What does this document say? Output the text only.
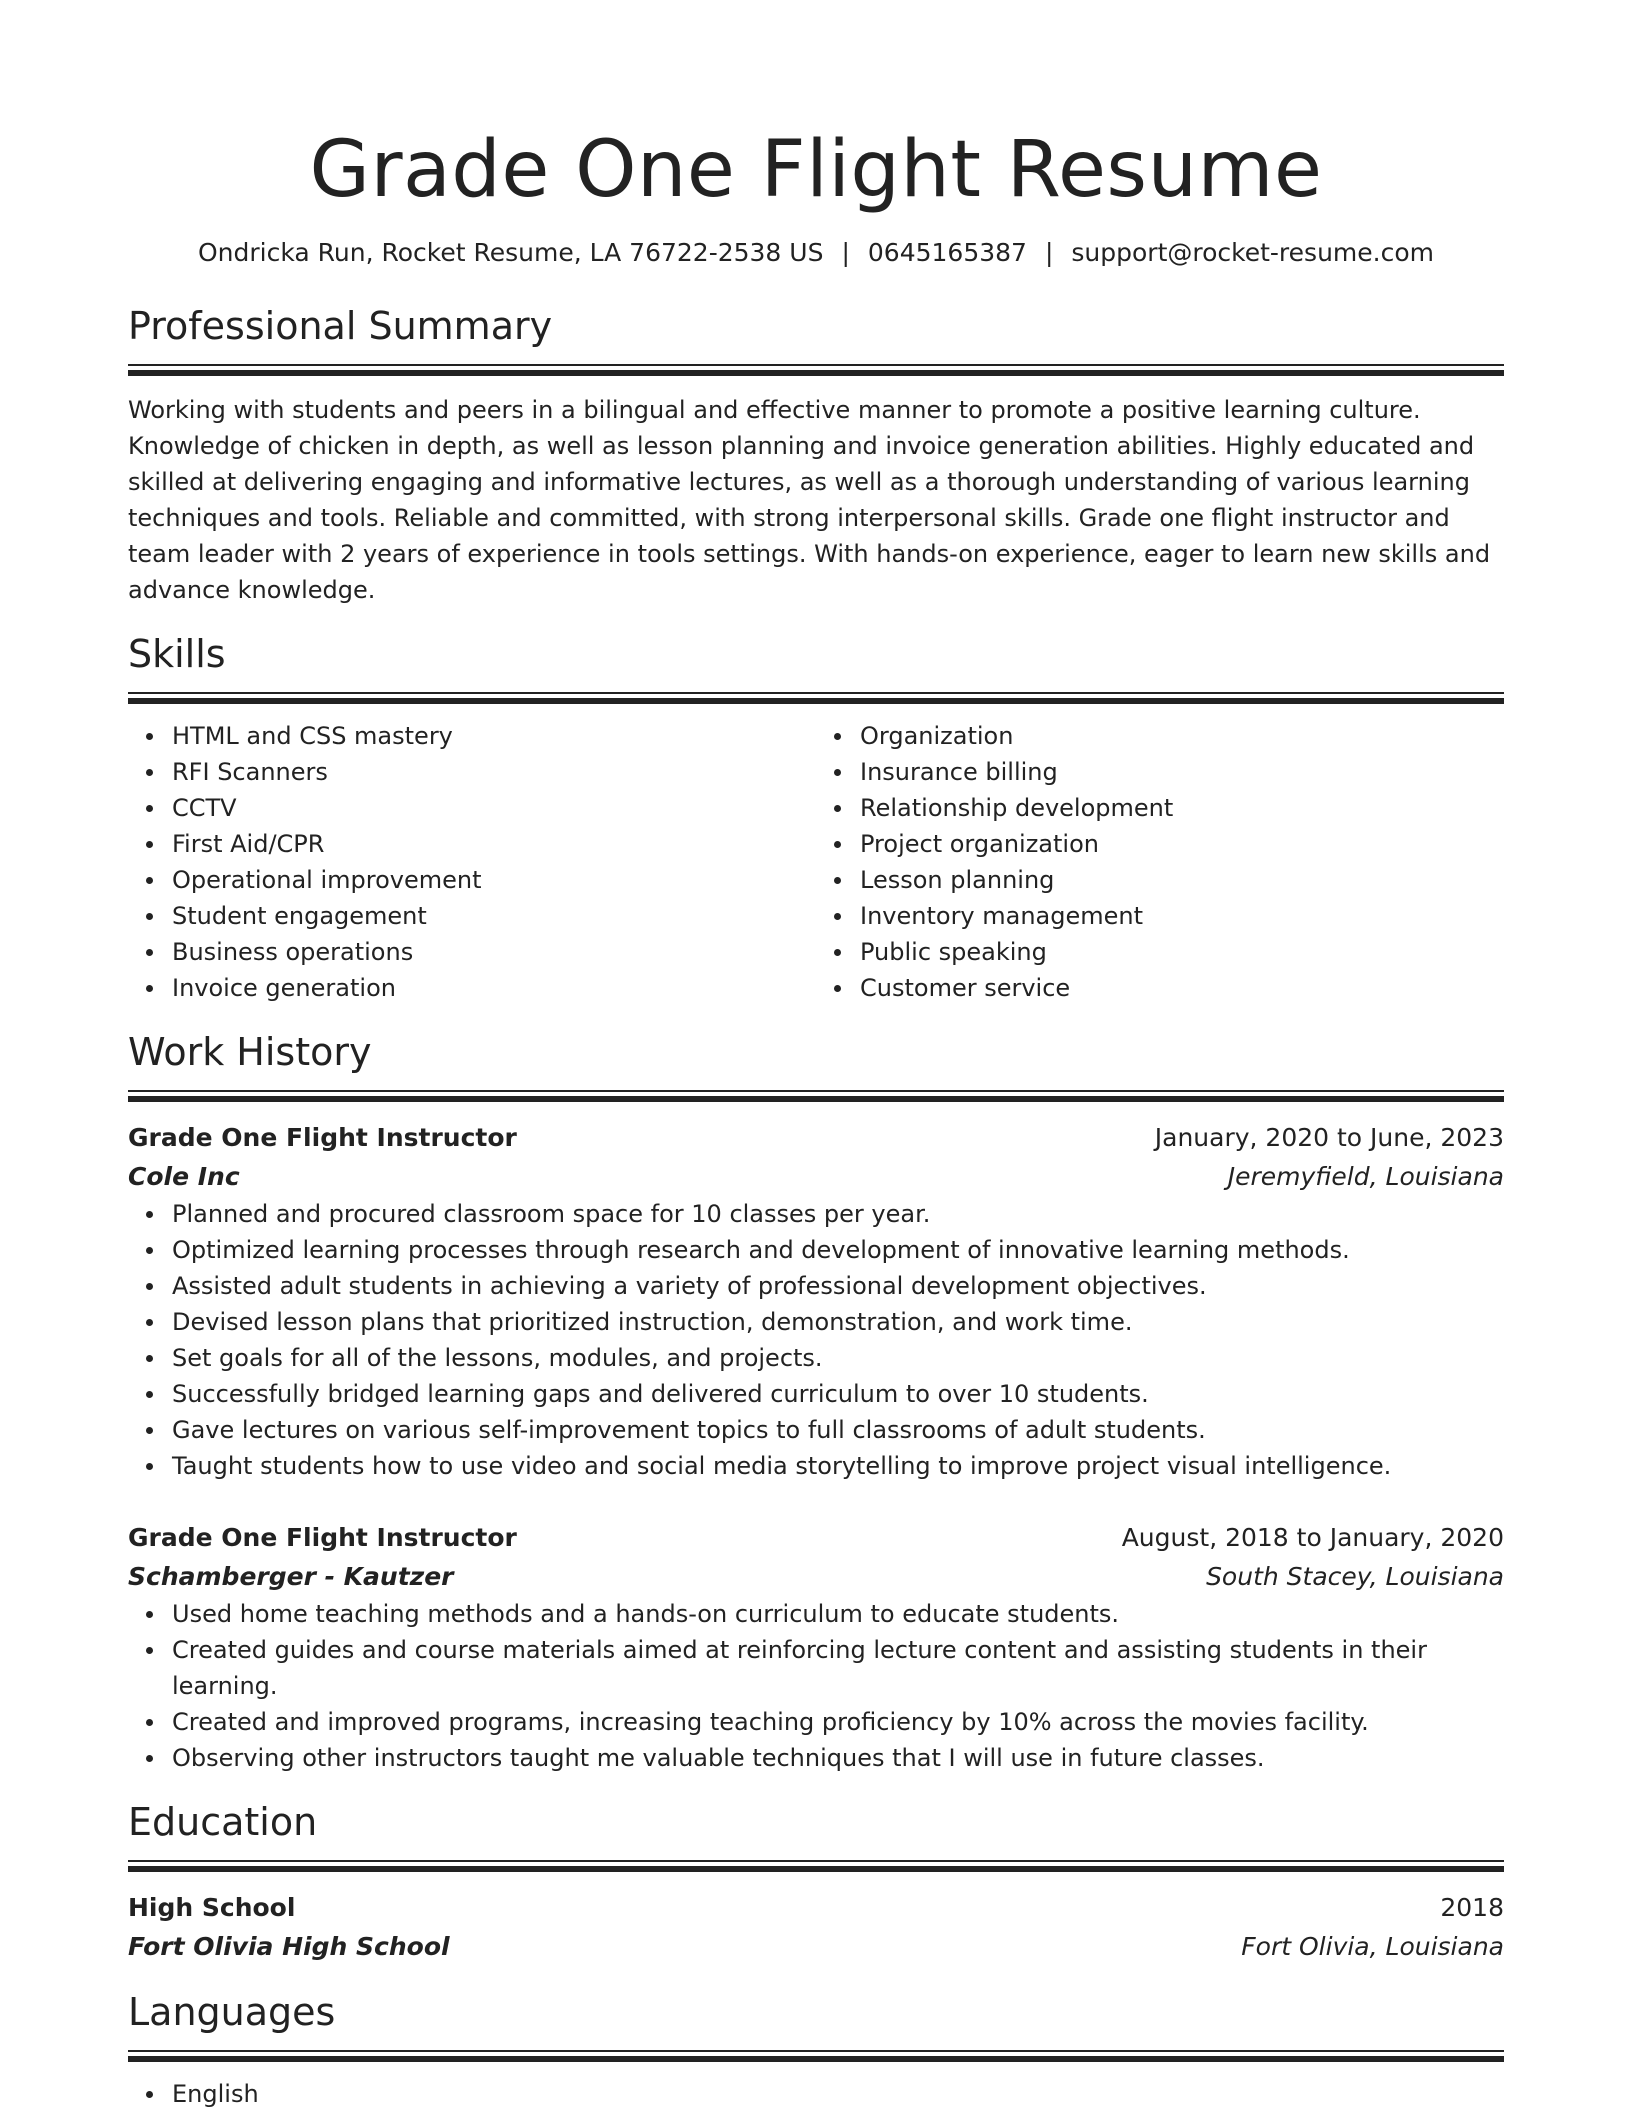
Grade One Flight Resume
Ondricka Run, Rocket Resume, LA 76722-2538 US | 0645165387 | support@rocket-resume.com
Professional Summary

Working with students and peers in a bilingual and effective manner to promote a positive learning culture. Knowledge of chicken in depth, as well as lesson planning and invoice generation abilities. Highly educated and skilled at delivering engaging and informative lectures, as well as a thorough understanding of various learning techniques and tools. Reliable and committed, with strong interpersonal skills. Grade one flight instructor and team leader with 2 years of experience in tools settings. With hands-on experience, eager to learn new skills and advance knowledge.

Skills
HTML and CSS mastery
RFI Scanners
CCTV
First Aid/CPR
Operational improvement
Student engagement
Business operations
Invoice generation
Organization
Insurance billing
Relationship development
Project organization
Lesson planning
Inventory management
Public speaking
Customer service
Work History
Grade One Flight Instructor	January, 2020 to June, 2023
Cole Inc	Jeremyfield, Louisiana
Planned and procured classroom space for 10 classes per year.
Optimized learning processes through research and development of innovative learning methods.
Assisted adult students in achieving a variety of professional development objectives.
Devised lesson plans that prioritized instruction, demonstration, and work time.
Set goals for all of the lessons, modules, and projects.
Successfully bridged learning gaps and delivered curriculum to over 10 students.
Gave lectures on various self-improvement topics to full classrooms of adult students.
Taught students how to use video and social media storytelling to improve project visual intelligence.
Grade One Flight Instructor	August, 2018 to January, 2020
Schamberger - Kautzer	South Stacey, Louisiana
Used home teaching methods and a hands-on curriculum to educate students.
Created guides and course materials aimed at reinforcing lecture content and assisting students in their learning.
Created and improved programs, increasing teaching proficiency by 10% across the movies facility.
Observing other instructors taught me valuable techniques that I will use in future classes.
Education
High School	2018
Fort Olivia High School	Fort Olivia, Louisiana
Languages
English
